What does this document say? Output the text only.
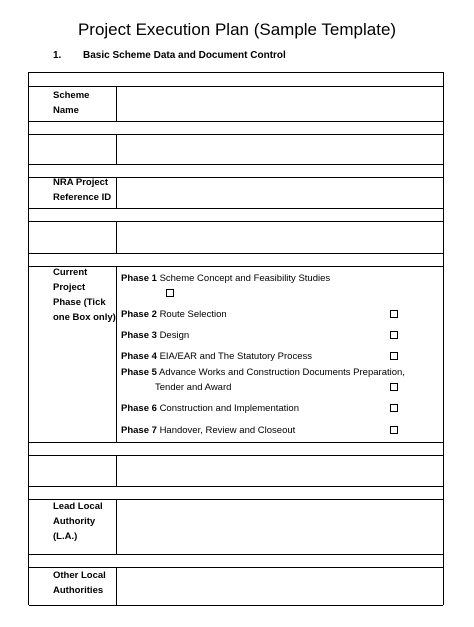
Project Execution Plan (Sample Template)
1. Basic Scheme Data and Document Control
Scheme
Name
NRA Project
Reference ID
Current
Project
Phase (Tick
one Box only)
Lead Local
Authority
(L.A.)
Other Local
Authorities
Phase 1 Scheme Concept and Feasibility Studies
Phase 2 Route Selection
Phase 3 Design
Phase 4 EIA/EAR and The Statutory Process
Phase 5 Advance Works and Construction Documents Preparation,
Tender and Award
Phase 6 Construction and Implementation
Phase 7 Handover, Review and Closeout
